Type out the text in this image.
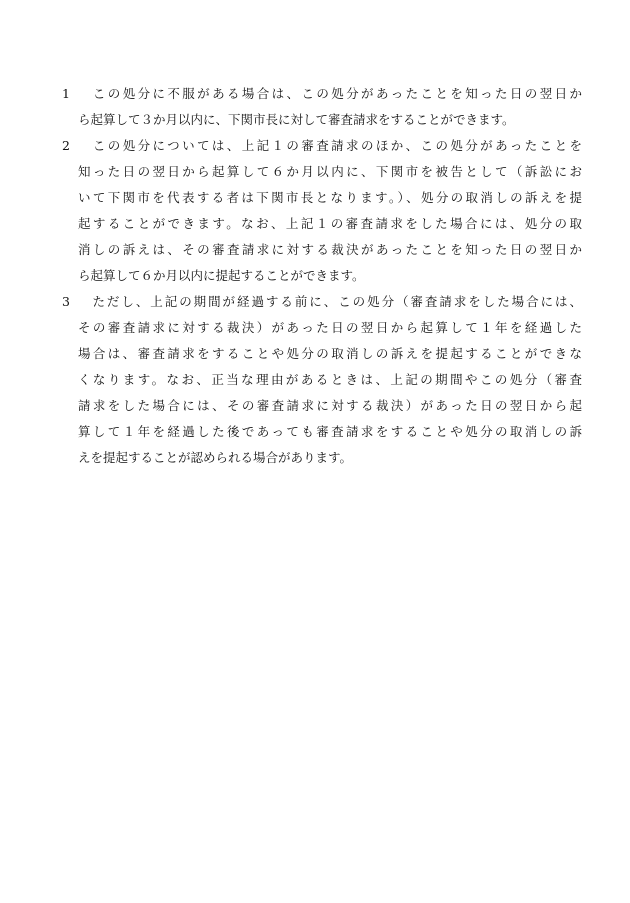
1 　この処分に不服がある場合は、この処分があったことを知った日の翌日か
ら起算して３か月以内に、下関市長に対して審査請求をすることができます。
2 　この処分については、上記１の審査請求のほか、この処分があったことを
知った日の翌日から起算して６か月以内に、下関市を被告として（訴訟にお
いて下関市を代表する者は下関市長となります。）、処分の取消しの訴えを提
起することができます。なお、上記１の審査請求をした場合には、処分の取
消しの訴えは、その審査請求に対する裁決があったことを知った日の翌日か
ら起算して６か月以内に提起することができます。
3 　ただし、上記の期間が経過する前に、この処分（審査請求をした場合には、
その審査請求に対する裁決）があった日の翌日から起算して１年を経過した
場合は、審査請求をすることや処分の取消しの訴えを提起することができな
くなります。なお、正当な理由があるときは、上記の期間やこの処分（審査
請求をした場合には、その審査請求に対する裁決）があった日の翌日から起
算して１年を経過した後であっても審査請求をすることや処分の取消しの訴
えを提起することが認められる場合があります。
